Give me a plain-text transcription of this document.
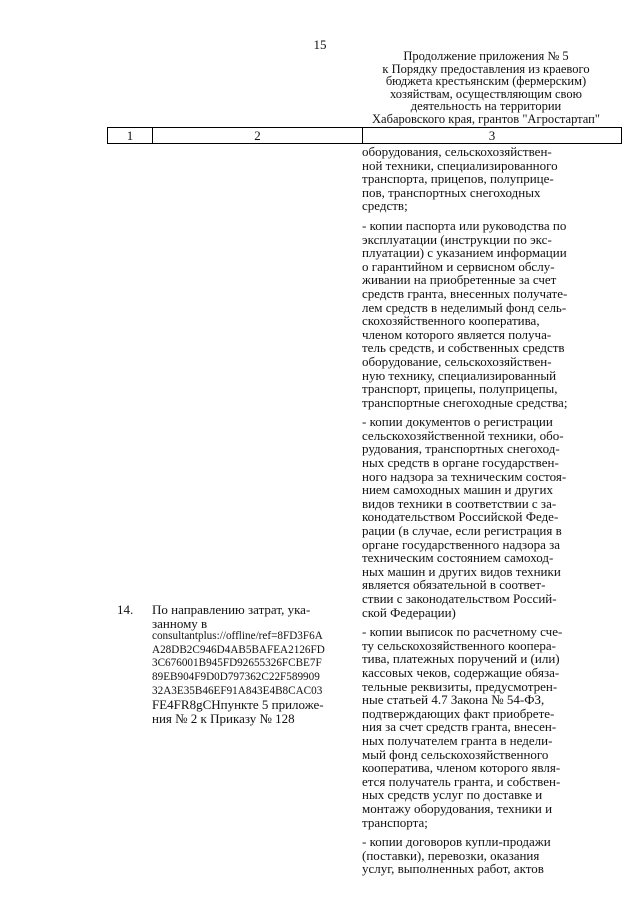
15
Продолжение приложения № 5
к Порядку предоставления из краевого
бюджета крестьянским (фермерским)
хозяйствам, осуществляющим свою
деятельность на территории
Хабаровского края, грантов "Агростартап"
1	2	3
оборудования, сельскохозяйствен-
ной техники, специализированного
транспорта, прицепов, полуприце-
пов, транспортных снегоходных
средств;
- копии паспорта или руководства по
эксплуатации (инструкции по экс-
плуатации) с указанием информации
о гарантийном и сервисном обслу-
живании на приобретенные за счет
средств гранта, внесенных получате-
лем средств в неделимый фонд сель-
скохозяйственного кооператива,
членом которого является получа-
тель средств, и собственных средств
оборудование, сельскохозяйствен-
ную технику, специализированный
транспорт, прицепы, полуприцепы,
транспортные снегоходные средства;
- копии документов о регистрации
сельскохозяйственной техники, обо-
рудования, транспортных снегоход-
ных средств в органе государствен-
ного надзора за техническим состоя-
нием самоходных машин и других
видов техники в соответствии с за-
конодательством Российской Феде-
рации (в случае, если регистрация в
органе государственного надзора за
техническим состоянием самоход-
ных машин и других видов техники
является обязательной в соответ-
ствии с законодательством Россий-
ской Федерации)
- копии выписок по расчетному сче-
ту сельскохозяйственного коопера-
тива, платежных поручений и (или)
кассовых чеков, содержащие обяза-
тельные реквизиты, предусмотрен-
ные статьей 4.7 Закона № 54-ФЗ,
подтверждающих факт приобрете-
ния за счет средств гранта, внесен-
ных получателем гранта в недели-
мый фонд сельскохозяйственного
кооператива, членом которого явля-
ется получатель гранта, и собствен-
ных средств услуг по доставке и
монтажу оборудования, техники и
транспорта;
- копии договоров купли-продажи
(поставки), перевозки, оказания
услуг, выполненных работ, актов
14. По направлению затрат, ука-
занному в
consultantplus://offline/ref=8FD3F6A
A28DB2C946D4AB5BAFEA2126FD
3C676001B945FD92655326FCBE7F
89EB904F9D0D797362C22F589909
32A3E35B46EF91A843E4B8CAC03
FE4FR8gCHпункте 5 приложе-
ния № 2 к Приказу № 128
